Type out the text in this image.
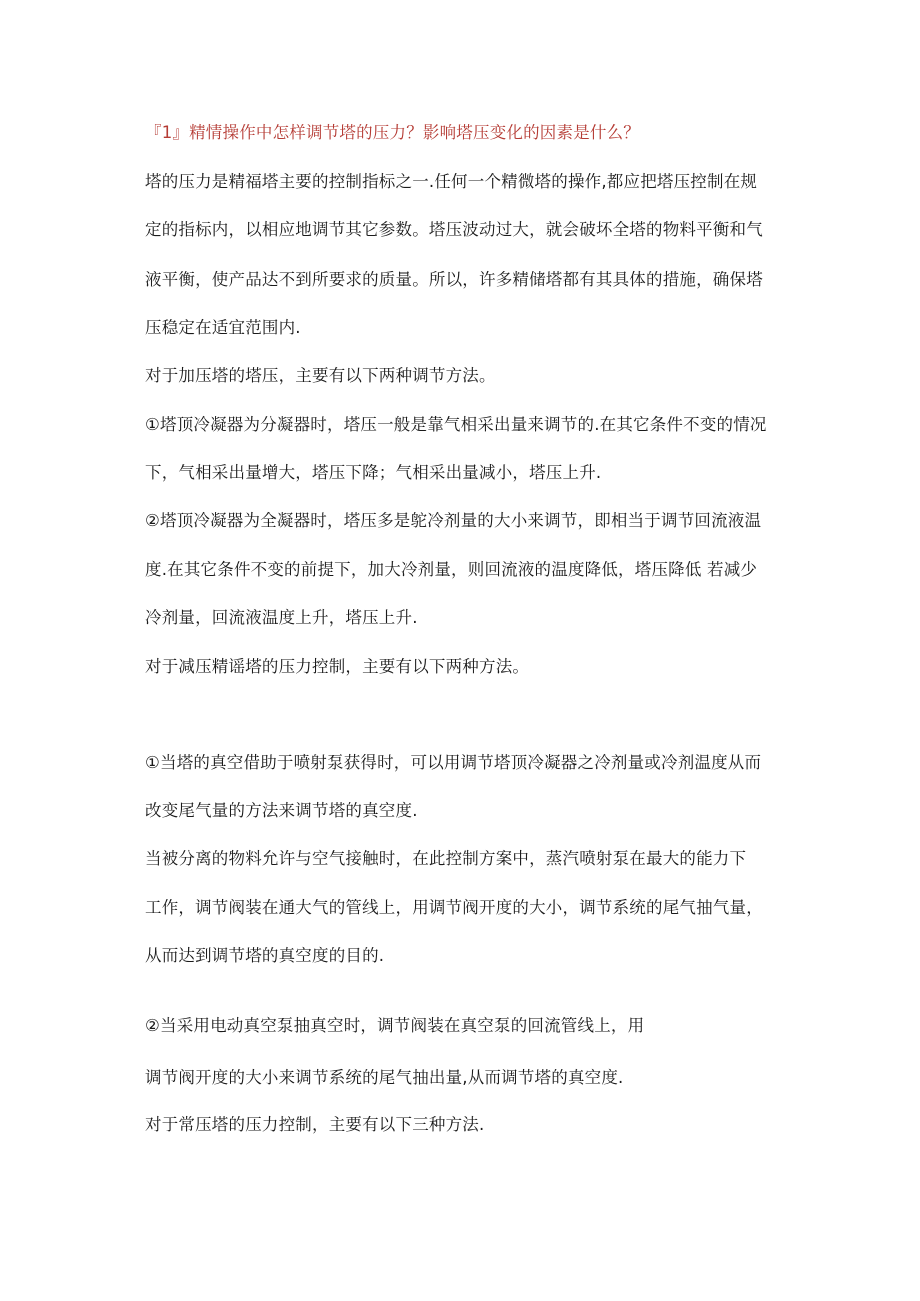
『1』精情操作中怎样调节塔的压力？影响塔压变化的因素是什么？
塔的压力是精福塔主要的控制指标之一.任何一个精微塔的操作,都应把塔压控制在规
定的指标内，以相应地调节其它参数。塔压波动过大，就会破坏全塔的物料平衡和气
液平衡，使产品达不到所要求的质量。所以，许多精储塔都有其具体的措施，确保塔
压稳定在适宜范围内.
对于加压塔的塔压，主要有以下两种调节方法。
①塔顶冷凝器为分凝器时，塔压一般是靠气相采出量来调节的.在其它条件不变的情况
下，气相采出量增大，塔压下降；气相采出量减小，塔压上升.
②塔顶冷凝器为全凝器时，塔压多是鸵冷剂量的大小来调节，即相当于调节回流液温
度.在其它条件不变的前提下，加大冷剂量，则回流液的温度降低，塔压降低 若减少
冷剂量，回流液温度上升，塔压上升.
对于减压精谣塔的压力控制，主要有以下两种方法。
①当塔的真空借助于喷射泵获得时，可以用调节塔顶冷凝器之冷剂量或冷剂温度从而
改变尾气量的方法来调节塔的真空度.
当被分离的物料允许与空气接触时，在此控制方案中，蒸汽喷射泵在最大的能力下
工作，调节阀装在通大气的管线上，用调节阀开度的大小，调节系统的尾气抽气量，
从而达到调节塔的真空度的目的.
②当采用电动真空泵抽真空时，调节阀装在真空泵的回流管线上，用
调节阀开度的大小来调节系统的尾气抽出量,从而调节塔的真空度.
对于常压塔的压力控制，主要有以下三种方法.
